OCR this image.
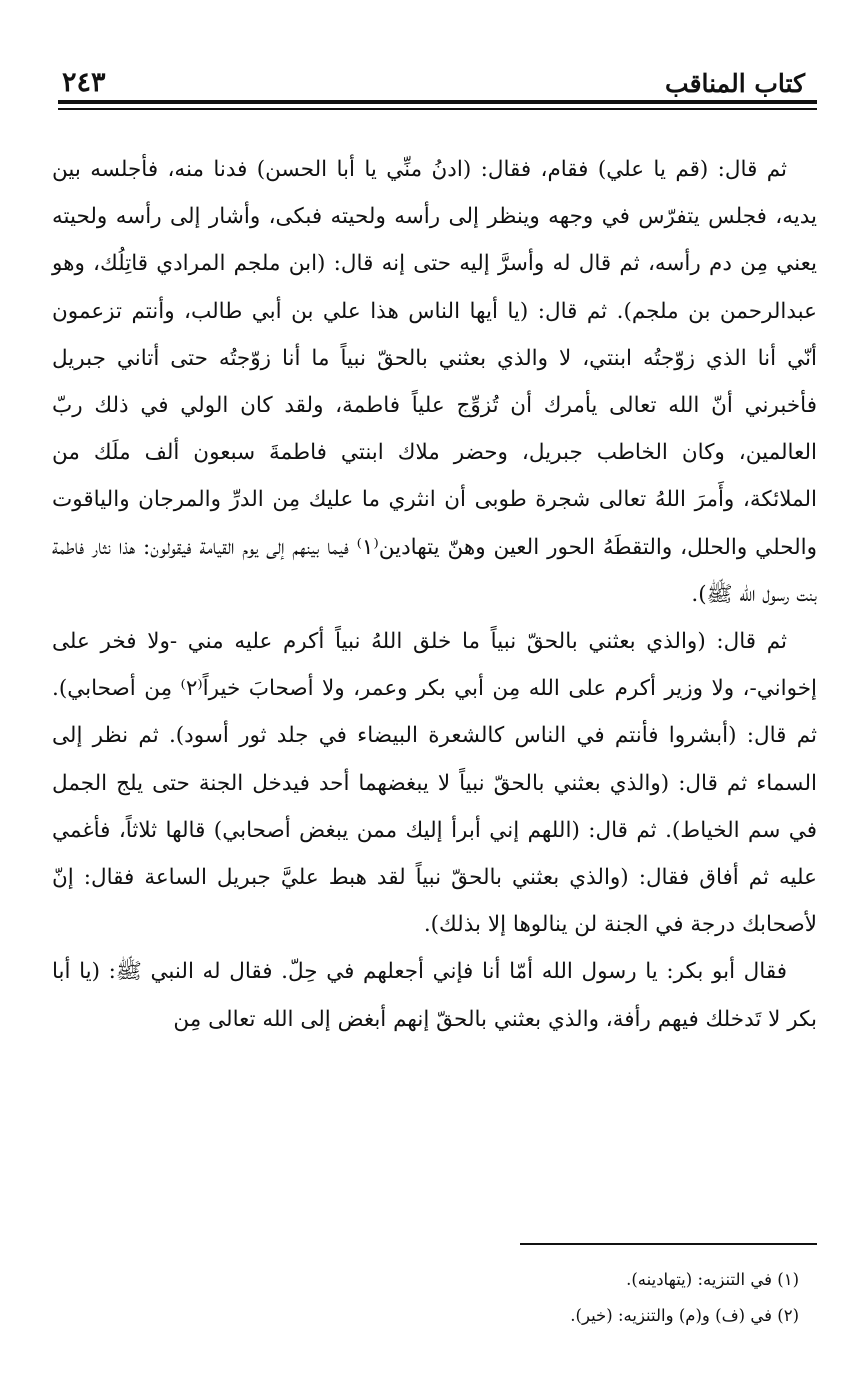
كتاب المناقب
٢٤٣

ثم قال: (قم يا علي) فقام، فقال: (ادنُ منِّي يا أبا الحسن) فدنا منه، فأجلسه بين يديه، فجلس يتفرّس في وجهه وينظر إلى رأسه ولحيته فبكى، وأشار إلى رأسه ولحيته يعني مِن دم رأسه، ثم قال له وأسرَّ إليه حتى إنه قال: (ابن ملجم المرادي قاتِلُك، وهو عبدالرحمن بن ملجم). ثم قال: (يا أيها الناس هذا علي بن أبي طالب، وأنتم تزعمون أنّي أنا الذي زوّجتُه ابنتي، لا والذي بعثني بالحقّ نبياً ما أنا زوّجتُه حتى أتاني جبريل فأخبرني أنّ الله تعالى يأمرك أن تُزوِّج علياً فاطمة، ولقد كان الولي في ذلك ربّ العالمين، وكان الخاطب جبريل، وحضر ملاك ابنتي فاطمةَ سبعون ألف ملَك من الملائكة، وأَمرَ اللهُ تعالى شجرة طوبى أن انثري ما عليك مِن الدرِّ والمرجان والياقوت والحلي والحلل، والتقطَهُ الحور العين وهنّ يتهادين⁽١⁾ فيما بينهم إلى يوم القيامة فيقولون: هذا نثار فاطمة بنت رسول الله ﷺ).

ثم قال: (والذي بعثني بالحقّ نبياً ما خلق اللهُ نبياً أكرم عليه مني -ولا فخر على إخواني-، ولا وزير أكرم على الله مِن أبي بكر وعمر، ولا أصحابَ خيراً⁽٢⁾ مِن أصحابي). ثم قال: (أبشروا فأنتم في الناس كالشعرة البيضاء في جلد ثور أسود). ثم نظر إلى السماء ثم قال: (والذي بعثني بالحقّ نبياً لا يبغضهما أحد فيدخل الجنة حتى يلج الجمل في سم الخياط). ثم قال: (اللهم إني أبرأ إليك ممن يبغض أصحابي) قالها ثلاثاً، فأغمي عليه ثم أفاق فقال: (والذي بعثني بالحقّ نبياً لقد هبط عليَّ جبريل الساعة فقال: إنّ لأصحابك درجة في الجنة لن ينالوها إلا بذلك).

فقال أبو بكر: يا رسول الله أمّا أنا فإني أجعلهم في حِلّ. فقال له النبي ﷺ: (يا أبا بكر لا تَدخلك فيهم رأفة، والذي بعثني بالحقّ إنهم أبغض إلى الله تعالى مِن

(١) في التنزيه: (يتهادينه).

(٢) في (ف) و(م) والتنزيه: (خير).
